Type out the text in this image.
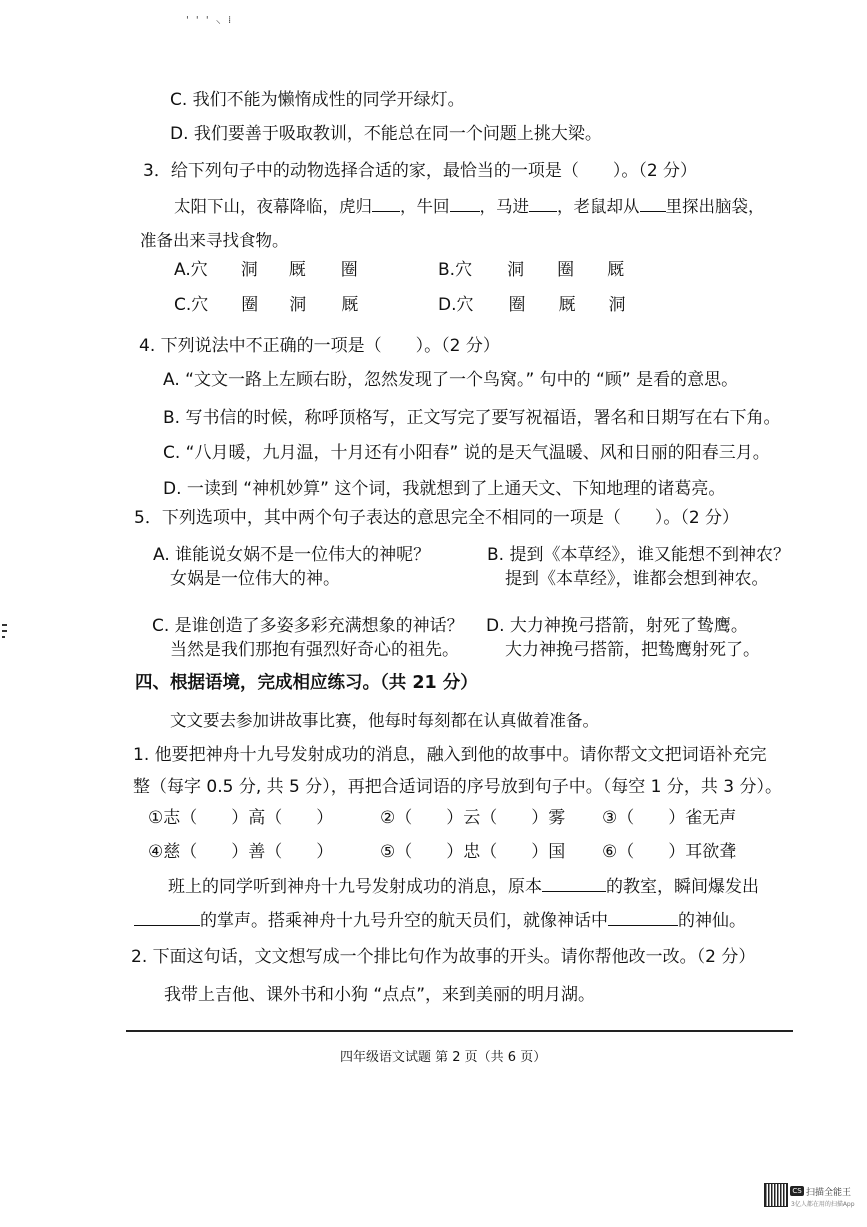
' ' ' ⸜ ⁞
C. 我们不能为懒惰成性的同学开绿灯。
D. 我们要善于吸取教训，不能总在同一个问题上挑大梁。
3．给下列句子中的动物选择合适的家，最恰当的一项是（　　）。（2 分）
太阳下山，夜幕降临，虎归 ，牛回 ，马进 ，老鼠却从 里探出脑袋，
准备出来寻找食物。
A.穴 洞 厩 圈	B.穴 洞 圈 厩
C.穴 圈 洞 厩	D.穴 圈 厩 洞
4. 下列说法中不正确的一项是（　　）。（2 分）
A. “文文一路上左顾右盼，忽然发现了一个鸟窝。” 句中的 “顾” 是看的意思。
B. 写书信的时候，称呼顶格写，正文写完了要写祝福语，署名和日期写在右下角。
C. “八月暖，九月温，十月还有小阳春” 说的是天气温暖、风和日丽的阳春三月。
D. 一读到 “神机妙算” 这个词，我就想到了上通天文、下知地理的诸葛亮。
5．下列选项中，其中两个句子表达的意思完全不相同的一项是（　　）。（2 分）
A. 谁能说女娲不是一位伟大的神呢？
女娲是一位伟大的神。
B. 提到《本草经》，谁又能想不到神农？
提到《本草经》，谁都会想到神农。
C. 是谁创造了多姿多彩充满想象的神话？
当然是我们那抱有强烈好奇心的祖先。
D. 大力神挽弓搭箭，射死了鸷鹰。
大力神挽弓搭箭，把鸷鹰射死了。
四、根据语境，完成相应练习。（共 21 分）
文文要去参加讲故事比赛，他每时每刻都在认真做着准备。
1. 他要把神舟十九号发射成功的消息，融入到他的故事中。请你帮文文把词语补充完
整（每字 0.5 分, 共 5 分），再把合适词语的序号放到句子中。（每空 1 分，共 3 分）。
①志（　　）高（　　）	②（　　）云（　　）雾 ③（　　）雀无声
④慈（　　）善（　　）	⑤（　　）忠（　　）国 ⑥（　　）耳欲聋
班上的同学听到神舟十九号发射成功的消息，原本	的教室，瞬间爆发出
的掌声。搭乘神舟十九号升空的航天员们，就像神话中	的神仙。
2. 下面这句话，文文想写成一个排比句作为故事的开头。请你帮他改一改。（2 分）
我带上吉他、课外书和小狗 “点点”，来到美丽的明月湖。
四年级语文试题 第 2 页（共 6 页）
CS 扫描全能王
3亿人都在用的扫描App
